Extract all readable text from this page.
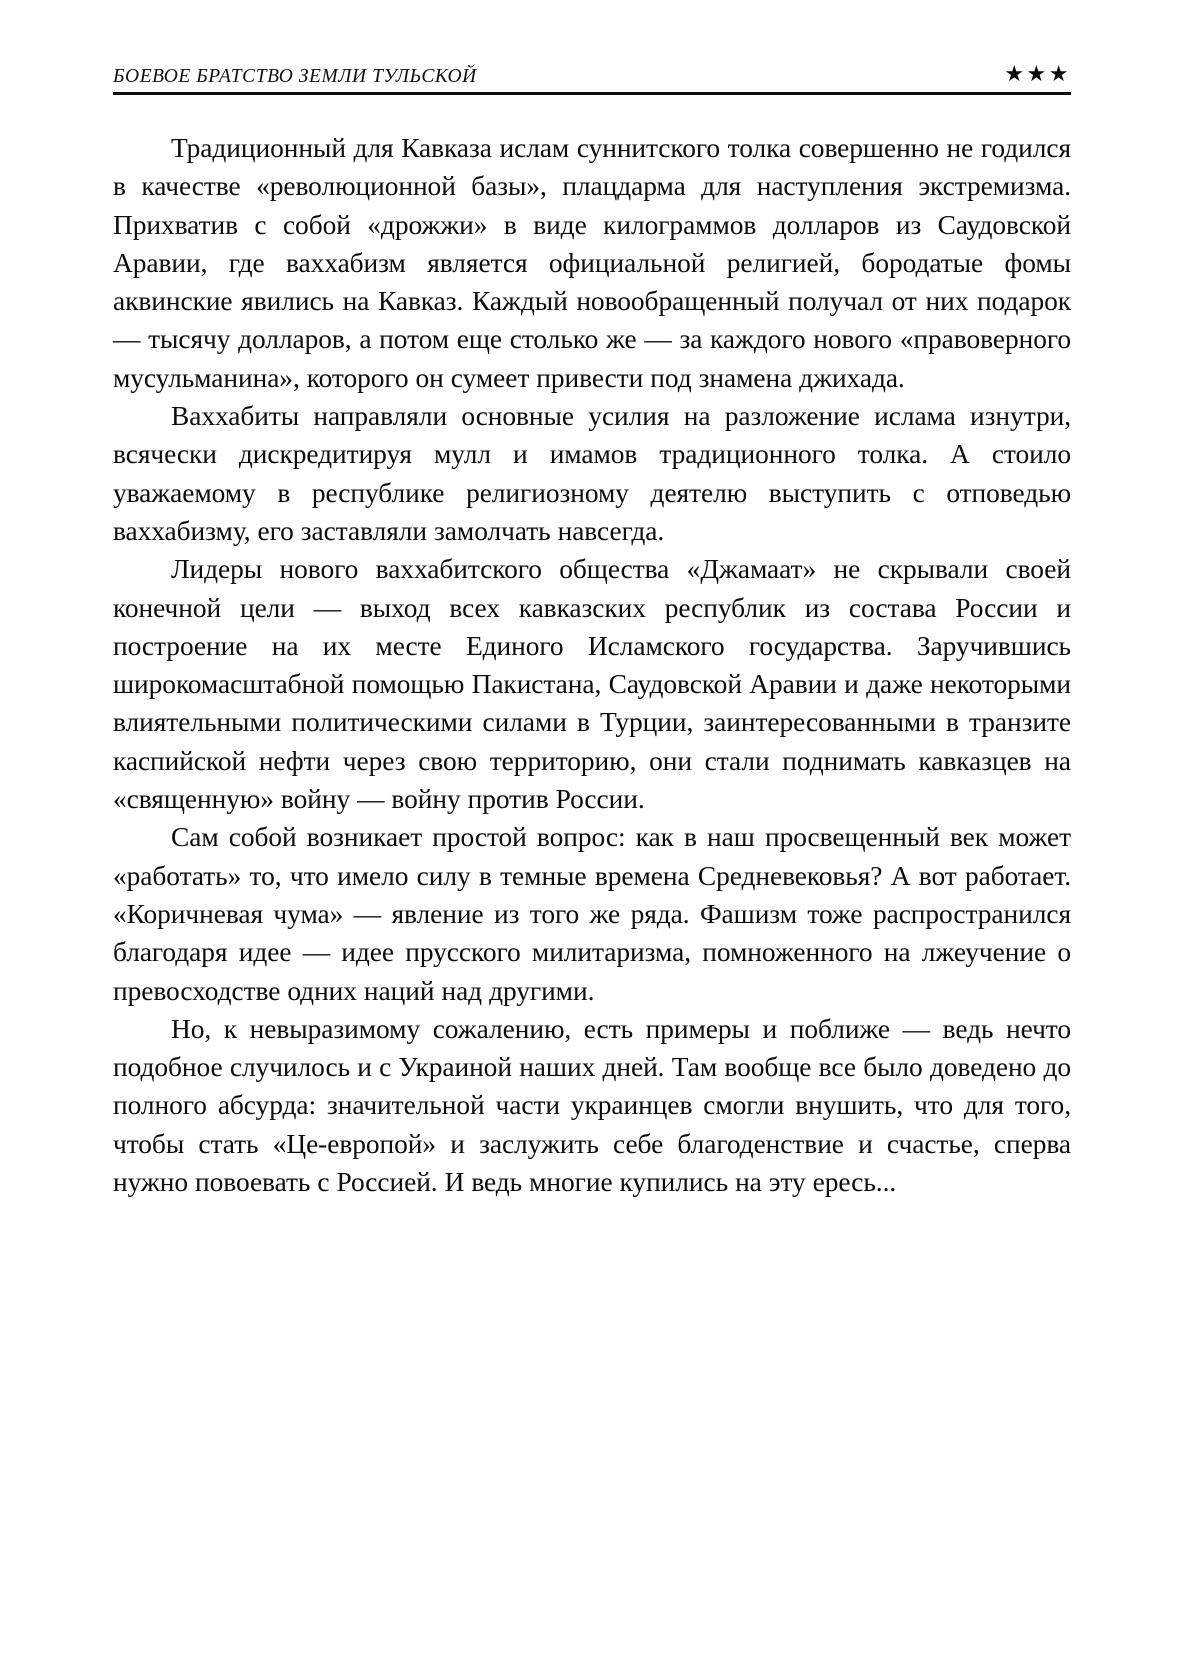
БОЕВОЕ БРАТСТВО ЗЕМЛИ ТУЛЬСКОЙ	★★★

Традиционный для Кавказа ислам суннитского толка совершенно не годился в качестве «революционной базы», плацдарма для наступления экстремизма. Прихватив с собой «дрожжи» в виде килограммов долларов из Саудовской Аравии, где ваххабизм является официальной религией, бородатые фомы аквинские явились на Кавказ. Каждый новообращенный получал от них подарок — тысячу долларов, а потом еще столько же — за каждого нового «правоверного мусульманина», которого он сумеет привести под знамена джихада.

Ваххабиты направляли основные усилия на разложение ислама изнутри, всячески дискредитируя мулл и имамов традиционного толка. А стоило уважаемому в республике религиозному деятелю выступить с отповедью ваххабизму, его заставляли замолчать навсегда.

Лидеры нового ваххабитского общества «Джамаат» не скрывали своей конечной цели — выход всех кавказских республик из состава России и построение на их месте Единого Исламского государства. Заручившись широкомасштабной помощью Пакистана, Саудовской Аравии и даже некоторыми влиятельными политическими силами в Турции, заинтересованными в транзите каспийской нефти через свою территорию, они стали поднимать кавказцев на «священную» войну — войну против России.

Сам собой возникает простой вопрос: как в наш просвещенный век может «работать» то, что имело силу в темные времена Средневековья? А вот работает. «Коричневая чума» — явление из того же ряда. Фашизм тоже распространился благодаря идее — идее прусского милитаризма, помноженного на лжеучение о превосходстве одних наций над другими.

Но, к невыразимому сожалению, есть примеры и поближе — ведь нечто подобное случилось и с Украиной наших дней. Там вообще все было доведено до полного абсурда: значительной части украинцев смогли внушить, что для того, чтобы стать «Це-европой» и заслужить себе благоденствие и счастье, сперва нужно повоевать с Россией. И ведь многие купились на эту ересь...
